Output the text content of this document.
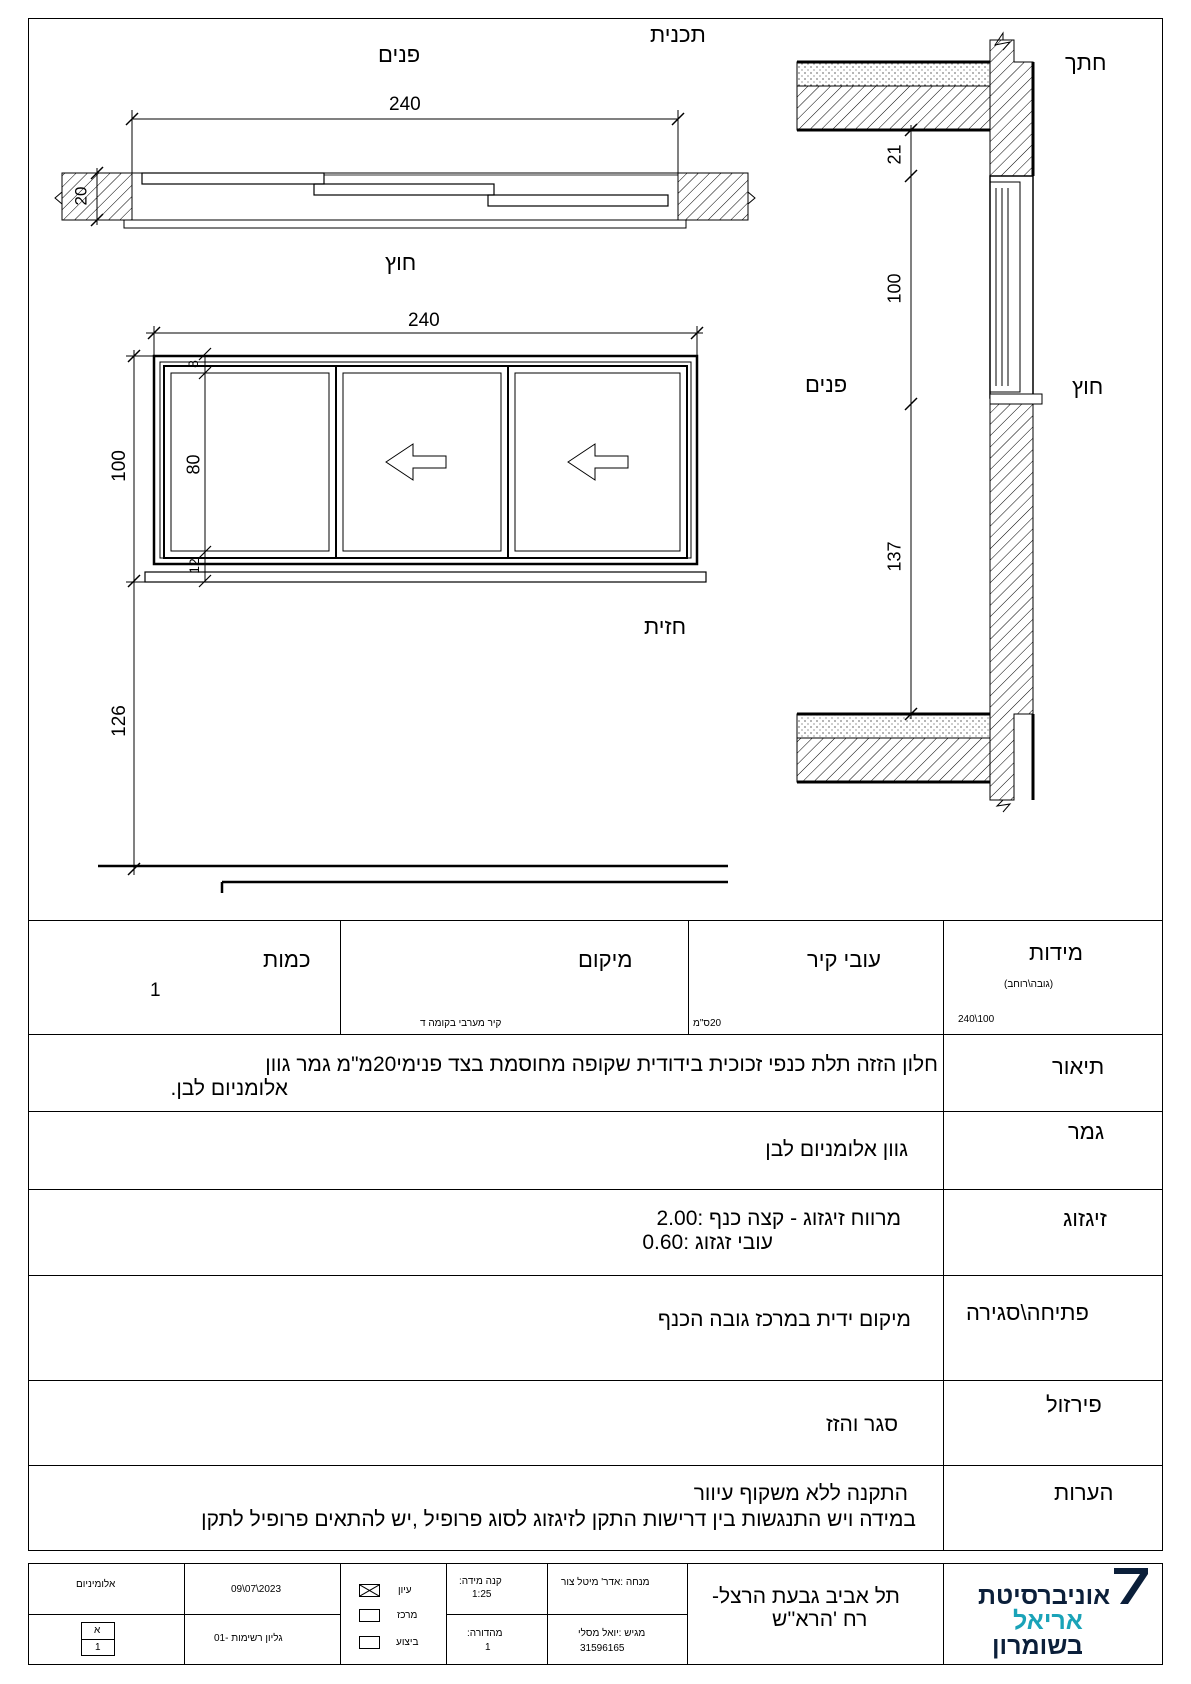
תכנית
פנים
חוץ
240
20
240
100	80
8
12
126
חזית
חתך
פנים	חוץ
21
100
137
מידות
(גובה\רוחב)
240\100
עובי קיר
20ס"מ
מיקום
קיר מערבי בקומה ד
כמות
1
תיאור
חלון הזזה תלת כנפי זכוכית בידודית שקופה מחוסמת בצד פנימי20מ"מ גמר גוון
אלומניום לבן.
גמר
גוון אלומניום לבן
זיגזוג
מרווח זיגזוג - קצה כנף :2.00
עובי זגזוג :0.60
פתיחה\סגירה
מיקום ידית במרכז גובה הכנף
פירזול
סגר והזז
הערות
התקנה ללא משקוף עיוור
במידה ויש התנגשות בין דרישות התקן לזיגזוג לסוג פרופיל ,יש להתאים פרופיל לתקן
אוניברסיטת
אריאל
בשומרון
תל אביב גבעת הרצל-
רח 'הרא''ש
מנחה :אדר' מיטל צור
מגיש :יואל מסלי
31596165
קנה מידה:
1:25
מהדורה:
1
עיון
מרכז
ביצוע
09\07\2023
גליון רשימות -01
אלומיניום
א
1
